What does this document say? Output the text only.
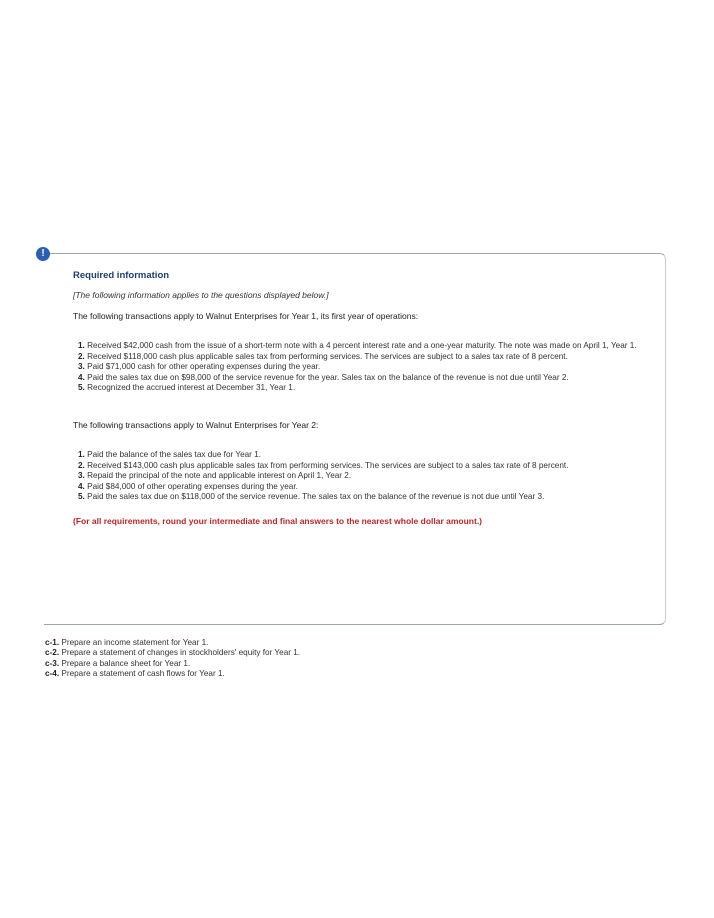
!
Required information
[The following information applies to the questions displayed below.]
The following transactions apply to Walnut Enterprises for Year 1, its first year of operations:
1. Received $42,000 cash from the issue of a short-term note with a 4 percent interest rate and a one-year maturity. The note was made on April 1, Year 1.
2. Received $118,000 cash plus applicable sales tax from performing services. The services are subject to a sales tax rate of 8 percent.
3. Paid $71,000 cash for other operating expenses during the year.
4. Paid the sales tax due on $98,000 of the service revenue for the year. Sales tax on the balance of the revenue is not due until Year 2.
5. Recognized the accrued interest at December 31, Year 1.
The following transactions apply to Walnut Enterprises for Year 2:
1. Paid the balance of the sales tax due for Year 1.
2. Received $143,000 cash plus applicable sales tax from performing services. The services are subject to a sales tax rate of 8 percent.
3. Repaid the principal of the note and applicable interest on April 1, Year 2.
4. Paid $84,000 of other operating expenses during the year.
5. Paid the sales tax due on $118,000 of the service revenue. The sales tax on the balance of the revenue is not due until Year 3.
(For all requirements, round your intermediate and final answers to the nearest whole dollar amount.)
c-1. Prepare an income statement for Year 1.
c-2. Prepare a statement of changes in stockholders' equity for Year 1.
c-3. Prepare a balance sheet for Year 1.
c-4. Prepare a statement of cash flows for Year 1.
